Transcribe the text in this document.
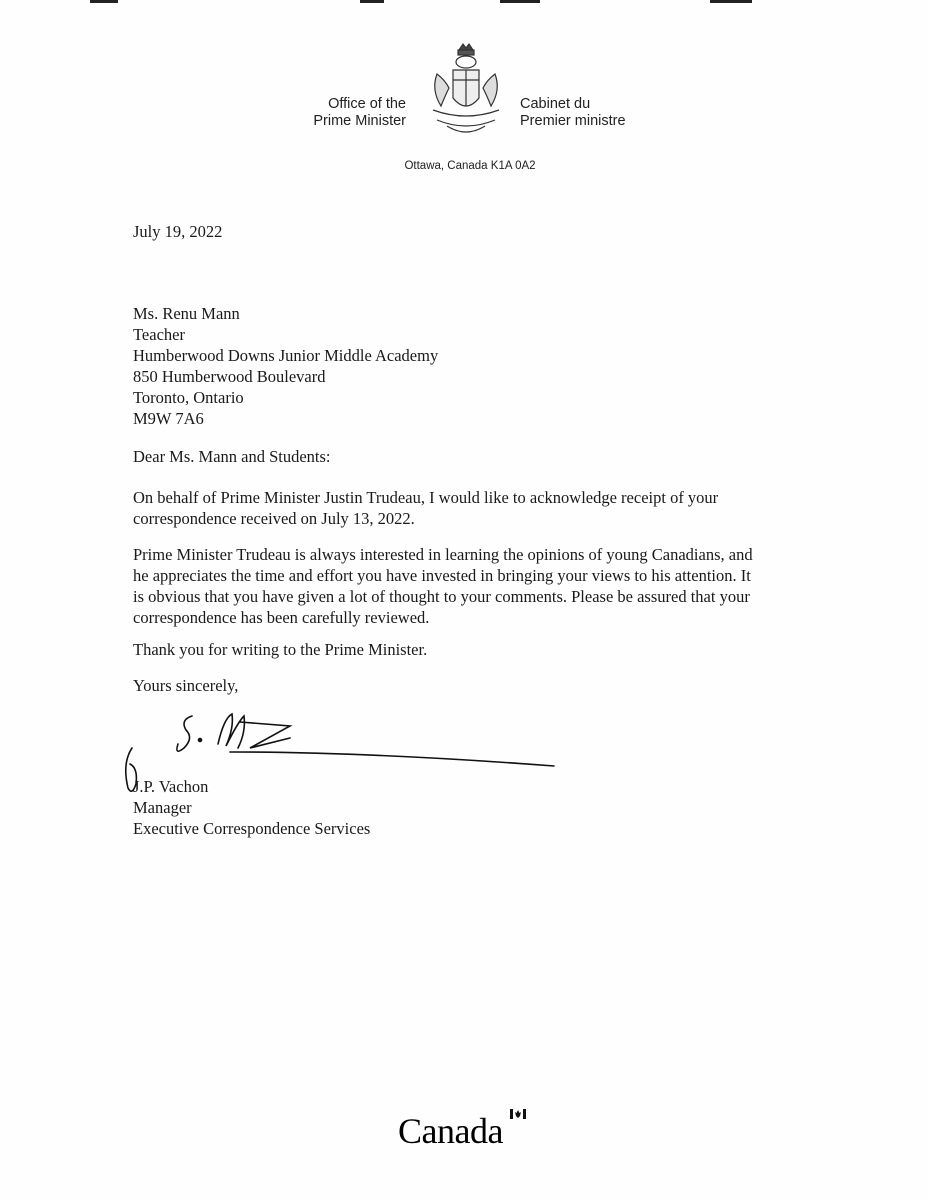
Office of the
Prime Minister
Cabinet du
Premier ministre
Ottawa, Canada K1A 0A2
July 19, 2022
Ms. Renu Mann
Teacher
Humberwood Downs Junior Middle Academy
850 Humberwood Boulevard
Toronto, Ontario
M9W 7A6
Dear Ms. Mann and Students:
On behalf of Prime Minister Justin Trudeau, I would like to acknowledge receipt of your
correspondence received on July 13, 2022.
Prime Minister Trudeau is always interested in learning the opinions of young Canadians, and
he appreciates the time and effort you have invested in bringing your views to his attention. It
is obvious that you have given a lot of thought to your comments. Please be assured that your
correspondence has been carefully reviewed.
Thank you for writing to the Prime Minister.
Yours sincerely,
J.P. Vachon
Manager
Executive Correspondence Services
Canada
